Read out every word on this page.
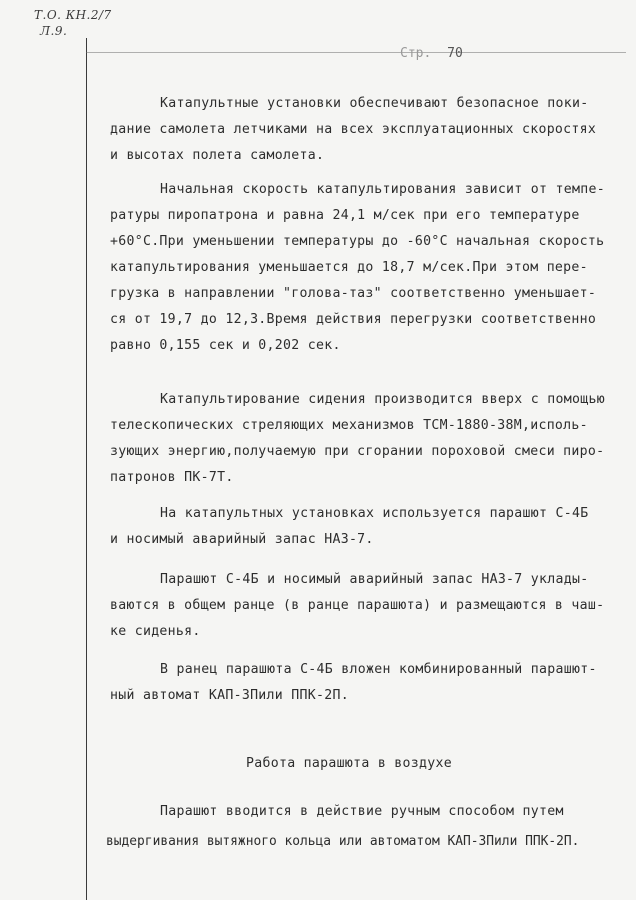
Т.О. КН.2/7
Л.9.
Стр. 70
Катапультные установки обеспечивают безопасное поки-
дание самолета летчиками на всех эксплуатационных скоростях
и высотах полета самолета.
Начальная скорость катапультирования зависит от темпе-
ратуры пиропатрона и равна 24,1 м/сек при его температуре
+60°С.При уменьшении температуры до -60°С начальная скорость
катапультирования уменьшается до 18,7 м/сек.При этом пере-
грузка в направлении "голова-таз" соответственно уменьшает-
ся от 19,7 до 12,3.Время действия перегрузки соответственно
равно 0,155 сек и 0,202 сек.
Катапультирование сидения производится вверх с помощью
телескопических стреляющих механизмов ТСМ-1880-38М,исполь-
зующих энергию,получаемую при сгорании пороховой смеси пиро-
патронов ПК-7Т.
На катапультных установках используется парашют С-4Б
и носимый аварийный запас НАЗ-7.
Парашют С-4Б и носимый аварийный запас НАЗ-7 уклады-
ваются в общем ранце (в ранце парашюта) и размещаются в чаш-
ке сиденья.
В ранец парашюта С-4Б вложен комбинированный парашют-
ный автомат КАП-3Пили ППК-2П.
Работа парашюта в воздухе
Парашют вводится в действие ручным способом путем
выдергивания вытяжного кольца или автоматом КАП-3Пили ППК-2П.
